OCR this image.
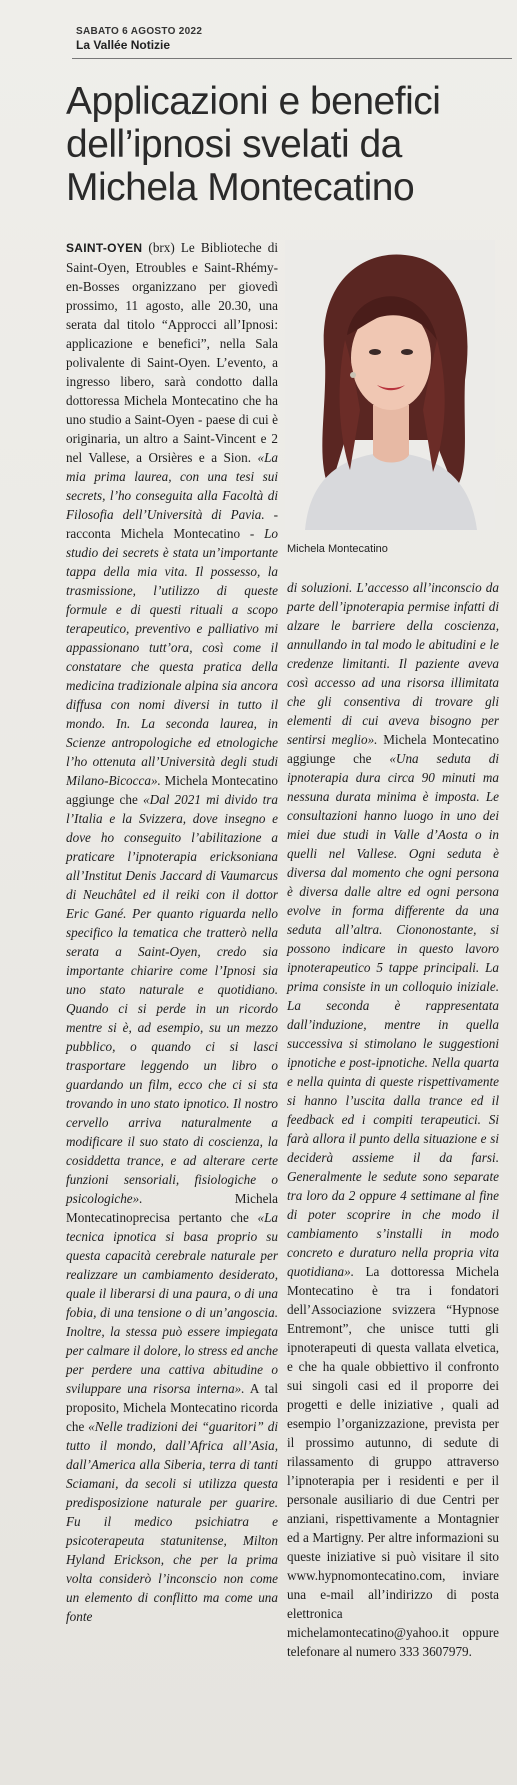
SABATO 6 AGOSTO 2022
La Vallée Notizie
Applicazioni e benefici dell’ipnosi svelati da Michela Montecatino
Michela Montecatino

SAINT-OYEN (brx) Le Biblioteche di Saint-Oyen, Etroubles e Saint-Rhémy-en-Bosses organizzano per giovedì prossimo, 11 agosto, alle 20.30, una serata dal titolo “Approcci all’Ipnosi: applicazione e benefici”, nella Sala polivalente di Saint-Oyen. L’evento, a ingresso libero, sarà condotto dalla dottoressa Michela Montecatino che ha uno studio a Saint-Oyen - paese di cui è originaria, un altro a Saint-Vincent e 2 nel Vallese, a Orsières e a Sion. «La mia prima laurea, con una tesi sui secrets, l’ho conseguita alla Facoltà di Filosofia dell’Università di Pavia. - racconta Michela Montecatino - Lo studio dei secrets è stata un’importante tappa della mia vita. Il possesso, la trasmissione, l’utilizzo di queste formule e di questi rituali a scopo terapeutico, preventivo e palliativo mi appassionano tutt’ora, così come il constatare che questa pratica della medicina tradizionale alpina sia ancora diffusa con nomi diversi in tutto il mondo. In. La seconda laurea, in Scienze antropologiche ed etnologiche l’ho ottenuta all’Università degli studi Milano-Bicocca». Michela Montecatino aggiunge che «Dal 2021 mi divido tra l’Italia e la Svizzera, dove insegno e dove ho conseguito l’abilitazione a praticare l’ipnoterapia ericksoniana all’Institut Denis Jaccard di Vaumarcus di Neuchâtel ed il reiki con il dottor Eric Gané. Per quanto riguarda nello specifico la tematica che tratterò nella serata a Saint-Oyen, credo sia importante chiarire come l’Ipnosi sia uno stato naturale e quotidiano. Quando ci si perde in un ricordo mentre si è, ad esempio, su un mezzo pubblico, o quando ci si lasci trasportare leggendo un libro o guardando un film, ecco che ci si sta trovando in uno stato ipnotico. Il nostro cervello arriva naturalmente a modificare il suo stato di coscienza, la cosiddetta trance, e ad alterare certe funzioni sensoriali, fisiologiche o psicologiche». Michela Montecatinoprecisa pertanto che «La tecnica ipnotica si basa proprio su questa capacità cerebrale naturale per realizzare un cambiamento desiderato, quale il liberarsi di una paura, o di una fobia, di una tensione o di un’angoscia. Inoltre, la stessa può essere impiegata per calmare il dolore, lo stress ed anche per perdere una cattiva abitudine o sviluppare una risorsa interna». A tal proposito, Michela Montecatino ricorda che «Nelle tradizioni dei “guaritori” di tutto il mondo, dall’Africa all’Asia, dall’America alla Siberia, terra di tanti Sciamani, da secoli si utilizza questa predisposizione naturale per guarire. Fu il medico psichiatra e psicoterapeuta statunitense, Milton Hyland Erickson, che per la prima volta considerò l’inconscio non come un elemento di conflitto ma come una fonte

di soluzioni. L’accesso all’inconscio da parte dell’ipnoterapia permise infatti di alzare le barriere della coscienza, annullando in tal modo le abitudini e le credenze limitanti. Il paziente aveva così accesso ad una risorsa illimitata che gli consentiva di trovare gli elementi di cui aveva bisogno per sentirsi meglio». Michela Montecatino aggiunge che «Una seduta di ipnoterapia dura circa 90 minuti ma nessuna durata minima è imposta. Le consultazioni hanno luogo in uno dei miei due studi in Valle d’Aosta o in quelli nel Vallese. Ogni seduta è diversa dal momento che ogni persona è diversa dalle altre ed ogni persona evolve in forma differente da una seduta all’altra. Ciononostante, si possono indicare in questo lavoro ipnoterapeutico 5 tappe principali. La prima consiste in un colloquio iniziale. La seconda è rappresentata dall’induzione, mentre in quella successiva si stimolano le suggestioni ipnotiche e post-ipnotiche. Nella quarta e nella quinta di queste rispettivamente si hanno l’uscita dalla trance ed il feedback ed i compiti terapeutici. Si farà allora il punto della situazione e si deciderà assieme il da farsi. Generalmente le sedute sono separate tra loro da 2 oppure 4 settimane al fine di poter scoprire in che modo il cambiamento s’installi in modo concreto e duraturo nella propria vita quotidiana». La dottoressa Michela Montecatino è tra i fondatori dell’Associazione svizzera “Hypnose Entremont”, che unisce tutti gli ipnoterapeuti di questa vallata elvetica, e che ha quale obbiettivo il confronto sui singoli casi ed il proporre dei progetti e delle iniziative , quali ad esempio l’organizzazione, prevista per il prossimo autunno, di sedute di rilassamento di gruppo attraverso l’ipnoterapia per i residenti e per il personale ausiliario di due Centri per anziani, rispettivamente a Montagnier ed a Martigny. Per altre informazioni su queste iniziative si può visitare il sito www.hypnomontecatino.com, inviare una e-mail all’indirizzo di posta elettronica michelamontecatino@yahoo.it oppure telefonare al numero 333 3607979.
